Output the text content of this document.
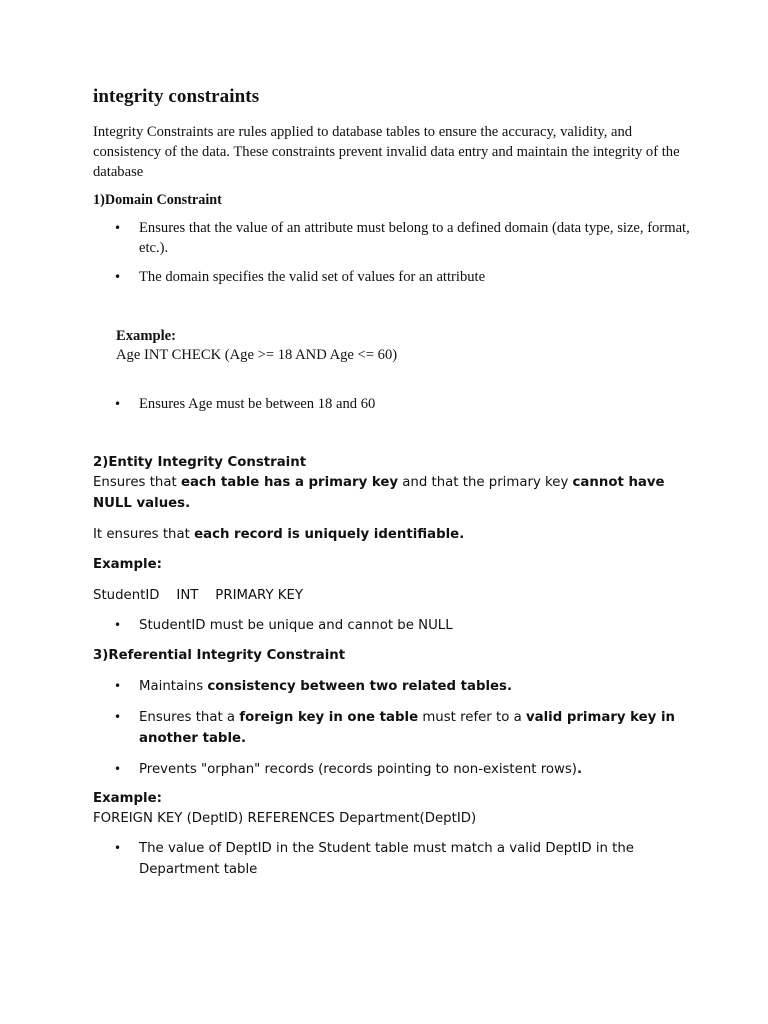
integrity constraints

Integrity Constraints are rules applied to database tables to ensure the accuracy, validity, and consistency of the data. These constraints prevent invalid data entry and maintain the integrity of the database

1)Domain Constraint

• Ensures that the value of an attribute must belong to a defined domain (data type, size, format, etc.).
• The domain specifies the valid set of values for an attribute

Example:

Age INT CHECK (Age >= 18 AND Age <= 60)

• Ensures Age must be between 18 and 60

2)Entity Integrity Constraint

Ensures that each table has a primary key and that the primary key cannot have NULL values.

It ensures that each record is uniquely identifiable.

Example:

StudentID    INT    PRIMARY KEY

• StudentID must be unique and cannot be NULL

3)Referential Integrity Constraint

• Maintains consistency between two related tables.
• Ensures that a foreign key in one table must refer to a valid primary key in another table.
• Prevents "orphan" records (records pointing to non-existent rows).

Example:

FOREIGN KEY (DeptID) REFERENCES Department(DeptID)

• The value of DeptID in the Student table must match a valid DeptID in the Department table
